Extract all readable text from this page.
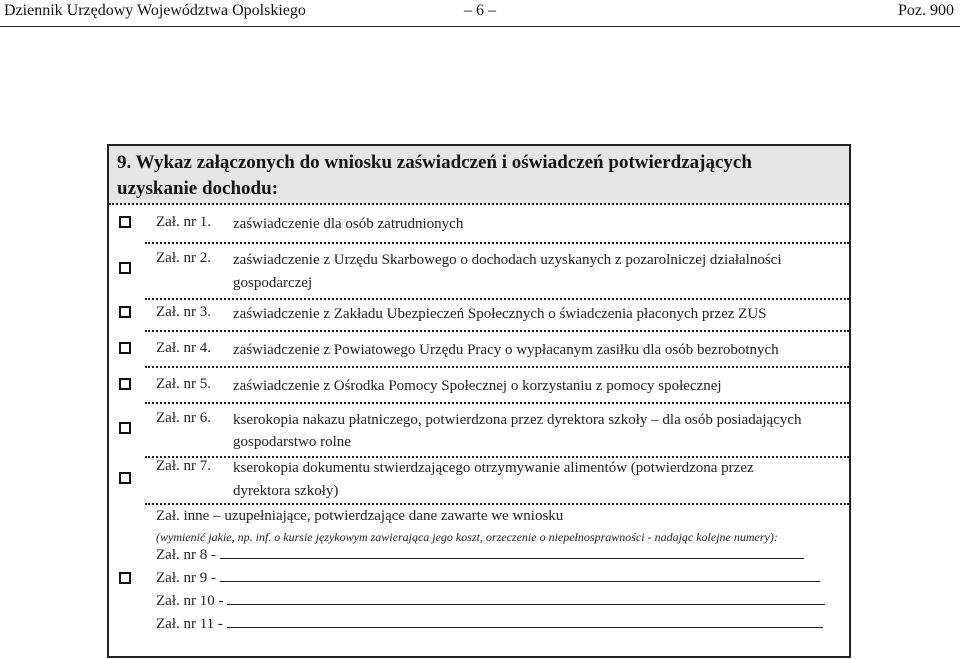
Dziennik Urzędowy Województwa Opolskiego	– 6 –	Poz. 900
9. Wykaz załączonych do wniosku zaświadczeń i oświadczeń potwierdzających
uzyskanie dochodu:
Zał. nr 1. zaświadczenie dla osób zatrudnionych
Zał. nr 2. zaświadczenie z Urzędu Skarbowego o dochodach uzyskanych z pozarolniczej działalności
gospodarczej
Zał. nr 3. zaświadczenie z Zakładu Ubezpieczeń Społecznych o świadczenia płaconych przez ZUS
Zał. nr 4. zaświadczenie z Powiatowego Urzędu Pracy o wypłacanym zasiłku dla osób bezrobotnych
Zał. nr 5. zaświadczenie z Ośrodka Pomocy Społecznej o korzystaniu z pomocy społecznej
Zał. nr 6. kserokopia nakazu płatniczego, potwierdzona przez dyrektora szkoły – dla osób posiadających
gospodarstwo rolne
Zał. nr 7. kserokopia dokumentu stwierdzającego otrzymywanie alimentów (potwierdzona przez
dyrektora szkoły)
Zał. inne – uzupełniające, potwierdzające dane zawarte we wniosku
(wymienić jakie, np. inf. o kursie językowym zawierająca jego koszt, orzeczenie o niepełnosprawności - nadając kolejne numery):
Zał. nr 8 -
Zał. nr 9 -
Zał. nr 10 -
Zał. nr 11 -
